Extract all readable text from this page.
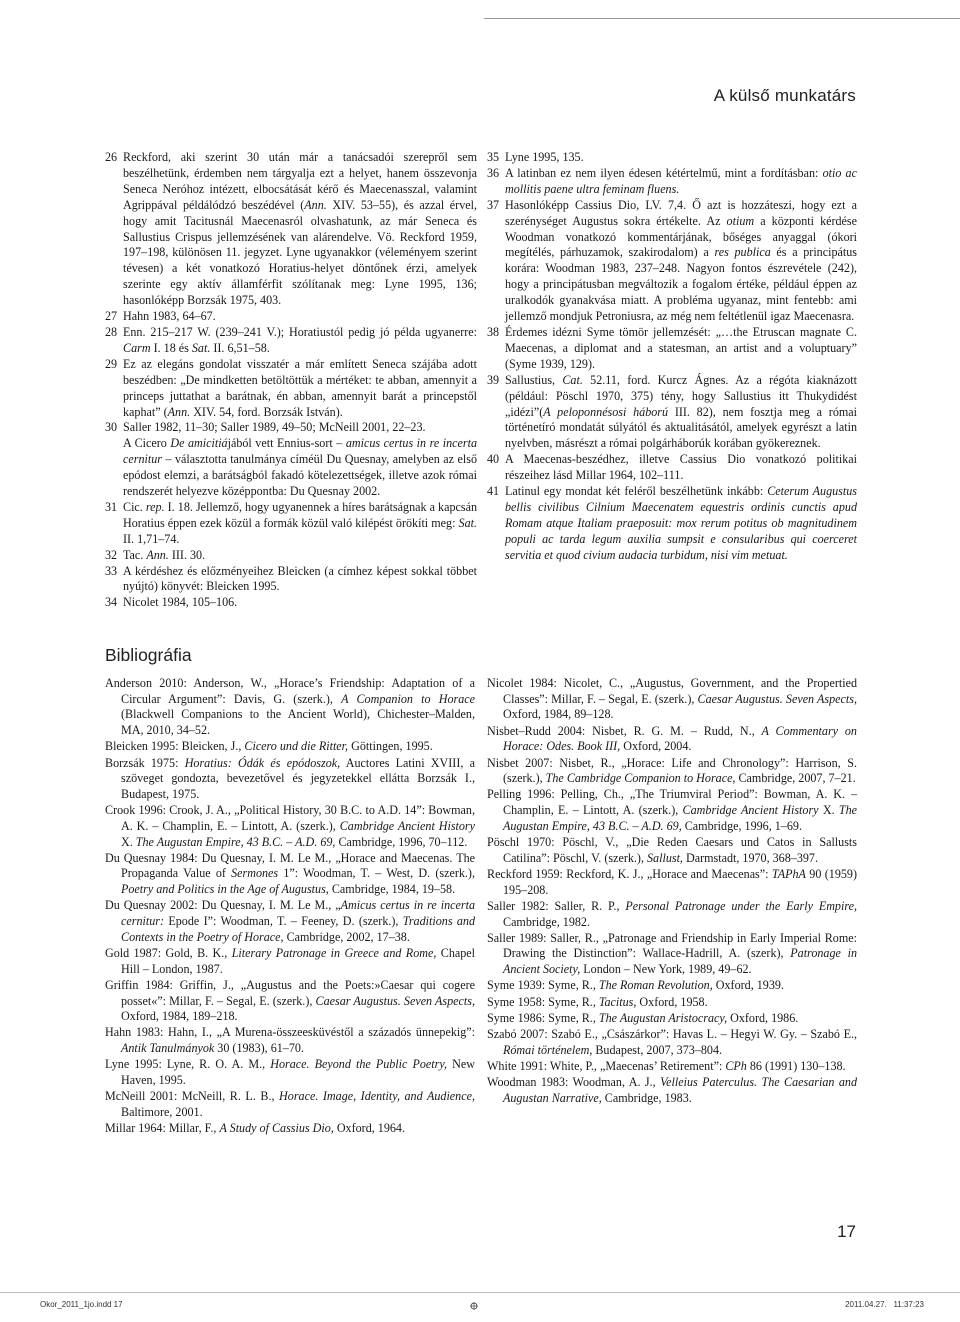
A külső munkatárs
26 Reckford, aki szerint 30 után már a tanácsadói szerepről sem beszélhetünk, érdemben nem tárgyalja ezt a helyet, hanem összevonja Seneca Neróhoz intézett, elbocsátását kérő és Maecenasszal, valamint Agrippával példálódzó beszédével (Ann. XIV. 53–55), és azzal érvel, hogy amit Tacitusnál Maecenasról olvashatunk, az már Seneca és Sallustius Crispus jellemzésének van alárendelve. Vö. Reckford 1959, 197–198, különösen 11. jegyzet. Lyne ugyanakkor (véleményem szerint tévesen) a két vonatkozó Horatius-helyet döntőnek érzi, amelyek szerinte egy aktív államférfit szólítanak meg: Lyne 1995, 136; hasonlóképp Borzsák 1975, 403.

27 Hahn 1983, 64–67.

28 Enn. 215–217 W. (239–241 V.); Horatiustól pedig jó példa ugyanerre: Carm I. 18 és Sat. II. 6,51–58.

29 Ez az elegáns gondolat visszatér a már említett Seneca szájába adott beszédben: „De mindketten betöltöttük a mértéket: te abban, amennyit a princeps juttathat a barátnak, én abban, amennyit barát a princepstől kaphat” (Ann. XIV. 54, ford. Borzsák István).

30 Saller 1982, 11–30; Saller 1989, 49–50; McNeill 2001, 22–23.
A Cicero De amicitiájából vett Ennius-sort – amicus certus in re incerta cernitur – választotta tanulmánya címéül Du Quesnay, amelyben az első epódost elemzi, a barátságból fakadó kötelezettségek, illetve azok római rendszerét helyezve középpontba: Du Quesnay 2002.

31 Cic. rep. I. 18. Jellemző, hogy ugyanennek a híres barátságnak a kapcsán Horatius éppen ezek közül a formák közül való kilépést örökíti meg: Sat. II. 1,71–74.

32 Tac. Ann. III. 30.

33 A kérdéshez és előzményeihez Bleicken (a címhez képest sokkal többet nyújtó) könyvét: Bleicken 1995.

34 Nicolet 1984, 105–106.

35 Lyne 1995, 135.

36 A latinban ez nem ilyen édesen kétértelmű, mint a fordításban: otio ac mollitis paene ultra feminam fluens.

37 Hasonlóképp Cassius Dio, LV. 7,4. Ő azt is hozzáteszi, hogy ezt a szerénységet Augustus sokra értékelte. Az otium a központi kérdése Woodman vonatkozó kommentárjának, bőséges anyaggal (ókori megítélés, párhuzamok, szakirodalom) a res publica és a principátus korára: Woodman 1983, 237–248. Nagyon fontos észrevétele (242), hogy a principátusban megváltozik a fogalom értéke, például éppen az uralkodók gyanakvása miatt. A probléma ugyanaz, mint fentebb: ami jellemző mondjuk Petroniusra, az még nem feltétlenül igaz Maecenasra.

38 Érdemes idézni Syme tömör jellemzését: „…the Etruscan magnate C. Maecenas, a diplomat and a statesman, an artist and a voluptuary” (Syme 1939, 129).

39 Sallustius, Cat. 52.11, ford. Kurcz Ágnes. Az a régóta kiaknázott (például: Pöschl 1970, 375) tény, hogy Sallustius itt Thukydidést „idézi”(A peloponnésosi háború III. 82), nem fosztja meg a római történetíró mondatát súlyától és aktualitásától, amelyek egyrészt a latin nyelvben, másrészt a római polgárháborúk korában gyökereznek.

40 A Maecenas-beszédhez, illetve Cassius Dio vonatkozó politikai részeihez lásd Millar 1964, 102–111.

41 Latinul egy mondat két feléről beszélhetünk inkább: Ceterum Augustus bellis civilibus Cilnium Maecenatem equestris ordinis cunctis apud Romam atque Italiam praeposuit: mox rerum potitus ob magnitudinem populi ac tarda legum auxilia sumpsit e consularibus qui coerceret servitia et quod civium audacia turbidum, nisi vim metuat.

Bibliográfia

Anderson 2010: Anderson, W., „Horace’s Friendship: Adaptation of a Circular Argument”: Davis, G. (szerk.), A Companion to Horace (Blackwell Companions to the Ancient World), Chichester–Malden, MA, 2010, 34–52.

Bleicken 1995: Bleicken, J., Cicero und die Ritter, Göttingen, 1995.

Borzsák 1975: Horatius: Ódák és epódoszok, Auctores Latini XVIII, a szöveget gondozta, bevezetővel és jegyzetekkel ellátta Borzsák I., Budapest, 1975.

Crook 1996: Crook, J. A., „Political History, 30 B.C. to A.D. 14”: Bowman, A. K. – Champlin, E. – Lintott, A. (szerk.), Cambridge Ancient History X. The Augustan Empire, 43 B.C. – A.D. 69, Cambridge, 1996, 70–112.

Du Quesnay 1984: Du Quesnay, I. M. Le M., „Horace and Maecenas. The Propaganda Value of Sermones 1”: Woodman, T. – West, D. (szerk.), Poetry and Politics in the Age of Augustus, Cambridge, 1984, 19–58.

Du Quesnay 2002: Du Quesnay, I. M. Le M., „Amicus certus in re incerta cernitur: Epode I”: Woodman, T. – Feeney, D. (szerk.), Traditions and Contexts in the Poetry of Horace, Cambridge, 2002, 17–38.

Gold 1987: Gold, B. K., Literary Patronage in Greece and Rome, Chapel Hill – London, 1987.

Griffin 1984: Griffin, J., „Augustus and the Poets:»Caesar qui cogere posset«”: Millar, F. – Segal, E. (szerk.), Caesar Augustus. Seven Aspects, Oxford, 1984, 189–218.

Hahn 1983: Hahn, I., „A Murena-összeesküvéstől a századós ünnepekig”: Antik Tanulmányok 30 (1983), 61–70.

Lyne 1995: Lyne, R. O. A. M., Horace. Beyond the Public Poetry, New Haven, 1995.

McNeill 2001: McNeill, R. L. B., Horace. Image, Identity, and Audience, Baltimore, 2001.

Millar 1964: Millar, F., A Study of Cassius Dio, Oxford, 1964.

Nicolet 1984: Nicolet, C., „Augustus, Government, and the Propertied Classes”: Millar, F. – Segal, E. (szerk.), Caesar Augustus. Seven Aspects, Oxford, 1984, 89–128.

Nisbet–Rudd 2004: Nisbet, R. G. M. – Rudd, N., A Commentary on Horace: Odes. Book III, Oxford, 2004.

Nisbet 2007: Nisbet, R., „Horace: Life and Chronology”: Harrison, S. (szerk.), The Cambridge Companion to Horace, Cambridge, 2007, 7–21.

Pelling 1996: Pelling, Ch., „The Triumviral Period”: Bowman, A. K. – Champlin, E. – Lintott, A. (szerk.), Cambridge Ancient History X. The Augustan Empire, 43 B.C. – A.D. 69, Cambridge, 1996, 1–69.

Pöschl 1970: Pöschl, V., „Die Reden Caesars und Catos in Sallusts Catilina”: Pöschl, V. (szerk.), Sallust, Darmstadt, 1970, 368–397.

Reckford 1959: Reckford, K. J., „Horace and Maecenas”: TAPhA 90 (1959) 195–208.

Saller 1982: Saller, R. P., Personal Patronage under the Early Empire, Cambridge, 1982.

Saller 1989: Saller, R., „Patronage and Friendship in Early Imperial Rome: Drawing the Distinction”: Wallace-Hadrill, A. (szerk), Patronage in Ancient Society, London – New York, 1989, 49–62.

Syme 1939: Syme, R., The Roman Revolution, Oxford, 1939.

Syme 1958: Syme, R., Tacitus, Oxford, 1958.

Syme 1986: Syme, R., The Augustan Aristocracy, Oxford, 1986.

Szabó 2007: Szabó E., „Császárkor”: Havas L. – Hegyi W. Gy. – Szabó E., Római történelem, Budapest, 2007, 373–804.

White 1991: White, P., „Maecenas’ Retirement”: CPh 86 (1991) 130–138.

Woodman 1983: Woodman, A. J., Velleius Paterculus. The Caesarian and Augustan Narrative, Cambridge, 1983.

17
Okor_2011_1jo.indd 17	2011.04.27. 11:37:23
